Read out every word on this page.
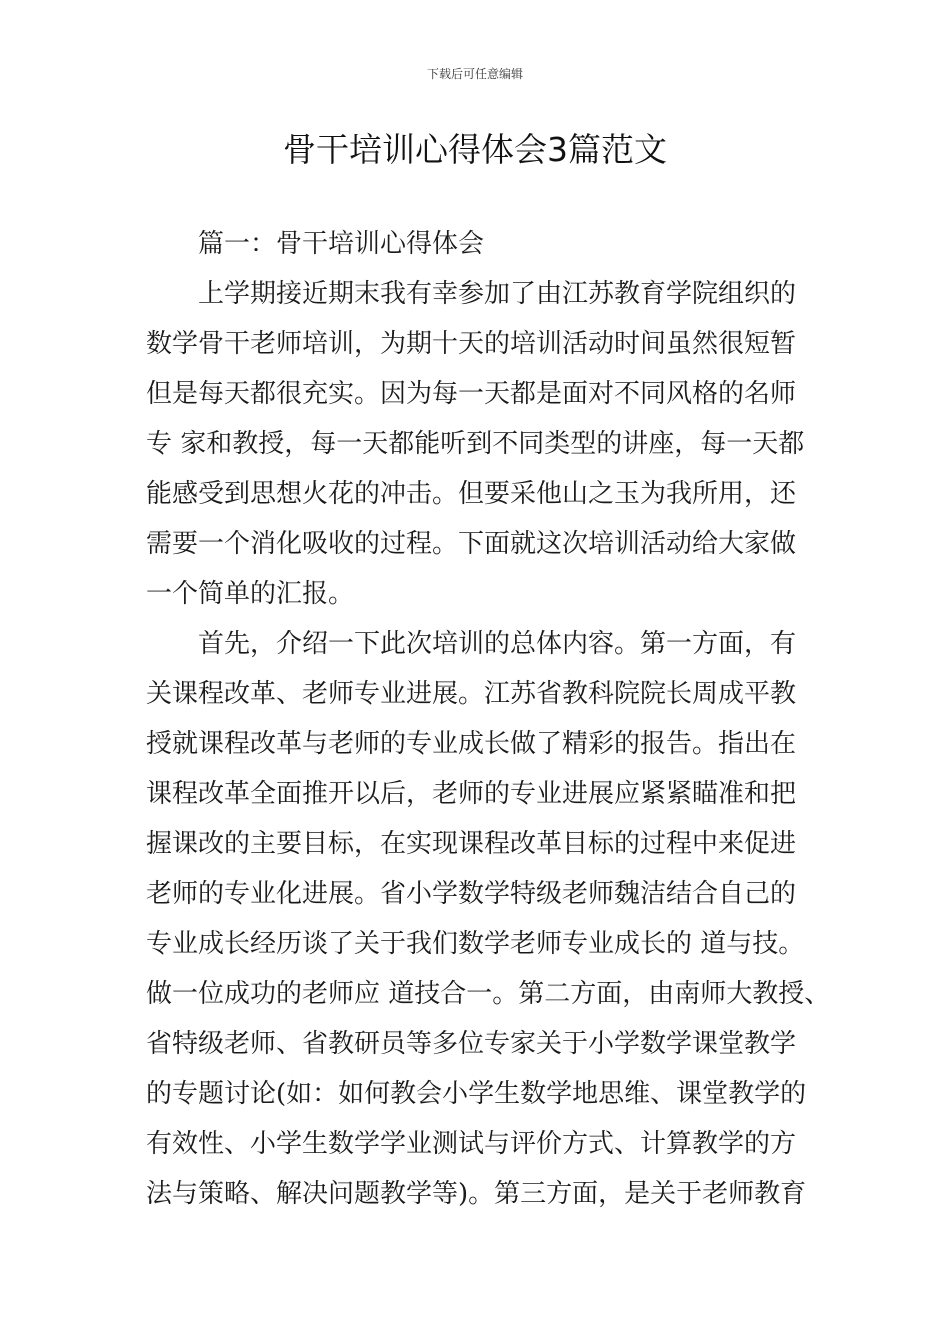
下载后可任意编辑
骨干培训心得体会3篇范文
篇一：骨干培训心得体会
上学期接近期末我有幸参加了由江苏教育学院组织的
数学骨干老师培训，为期十天的培训活动时间虽然很短暂
但是每天都很充实。因为每一天都是面对不同风格的名师
专 家和教授，每一天都能听到不同类型的讲座，每一天都
能感受到思想火花的冲击。但要采他山之玉为我所用，还
需要一个消化吸收的过程。下面就这次培训活动给大家做
一个简单的汇报。
首先，介绍一下此次培训的总体内容。第一方面，有
关课程改革、老师专业进展。江苏省教科院院长周成平教
授就课程改革与老师的专业成长做了精彩的报告。指出在
课程改革全面推开以后，老师的专业进展应紧紧瞄准和把
握课改的主要目标，在实现课程改革目标的过程中来促进
老师的专业化进展。省小学数学特级老师魏洁结合自己的
专业成长经历谈了关于我们数学老师专业成长的 道与技。
做一位成功的老师应 道技合一。第二方面，由南师大教授、
省特级老师、省教研员等多位专家关于小学数学课堂教学
的专题讨论(如：如何教会小学生数学地思维、课堂教学的
有效性、小学生数学学业测试与评价方式、计算教学的方
法与策略、解决问题教学等)。第三方面，是关于老师教育
